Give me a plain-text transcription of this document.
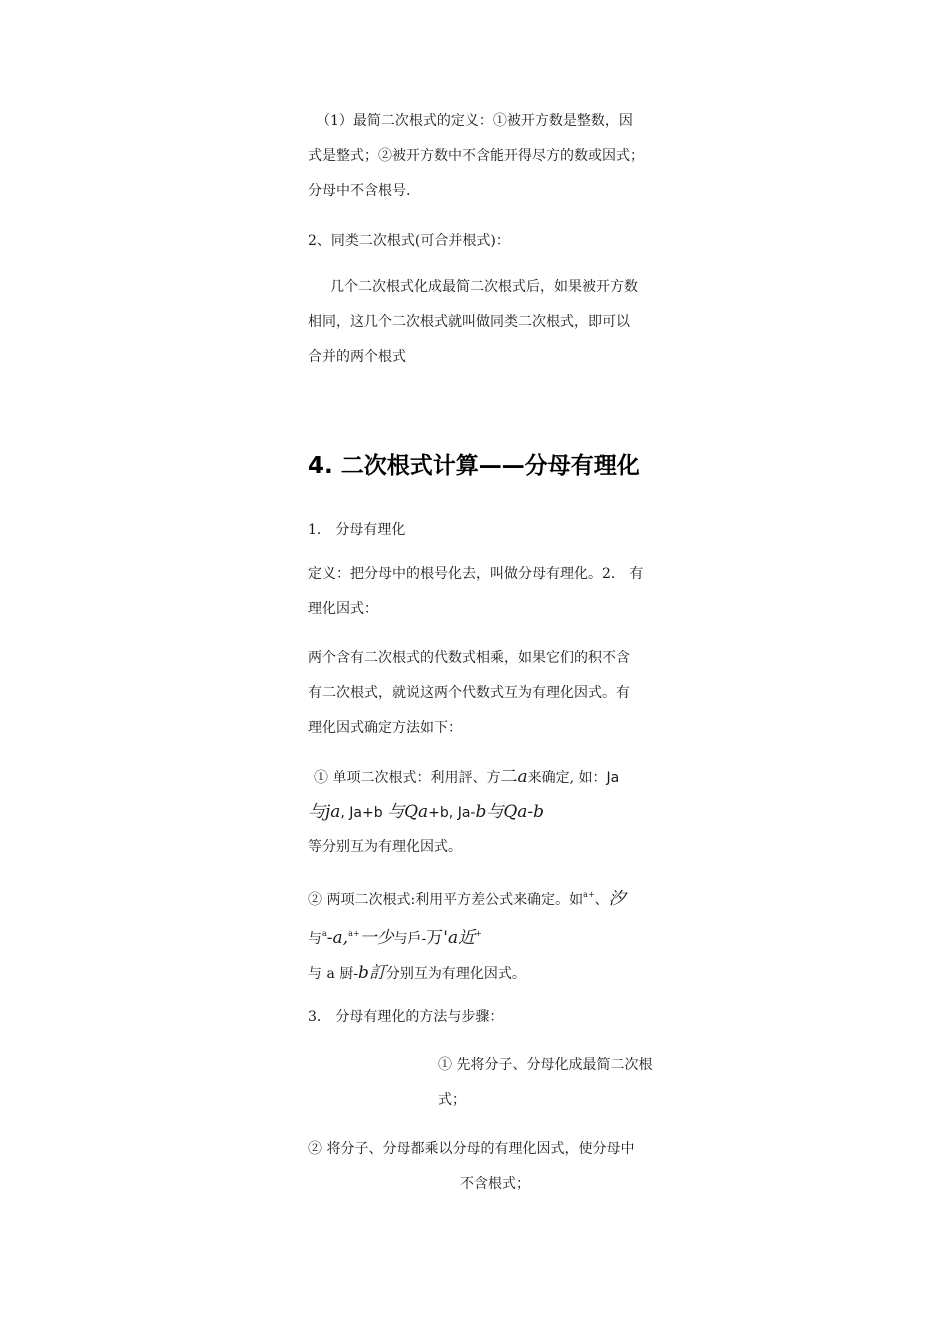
（1）最简二次根式的定义：①被开方数是整数，因
式是整式；②被开方数中不含能开得尽方的数或因式；
分母中不含根号.
2、同类二次根式(可合并根式)：
几个二次根式化成最简二次根式后，如果被开方数
相同，这几个二次根式就叫做同类二次根式，即可以
合并的两个根式
4. 二次根式计算——分母有理化
1． 分母有理化
定义：把分母中的根号化去，叫做分母有理化。2． 有
理化因式：
两个含有二次根式的代数式相乘，如果它们的积不含
有二次根式，就说这两个代数式互为有理化因式。有
理化因式确定方法如下：
① 单项二次根式：利用評、方二a来确定, 如：Ja
与ja, Ja+b 与Qa+b, Ja-b与Qa-b
等分别互为有理化因式。
② 两项二次根式:利用平方差公式来确定。如$^{a+}$、汐
与$^a$-a,$^{a+}$一少与戶-万'a近+
与 a 厨-b訂分别互为有理化因式。
3． 分母有理化的方法与步骤：
① 先将分子、分母化成最简二次根
式；
② 将分子、分母都乘以分母的有理化因式，使分母中
不含根式；
